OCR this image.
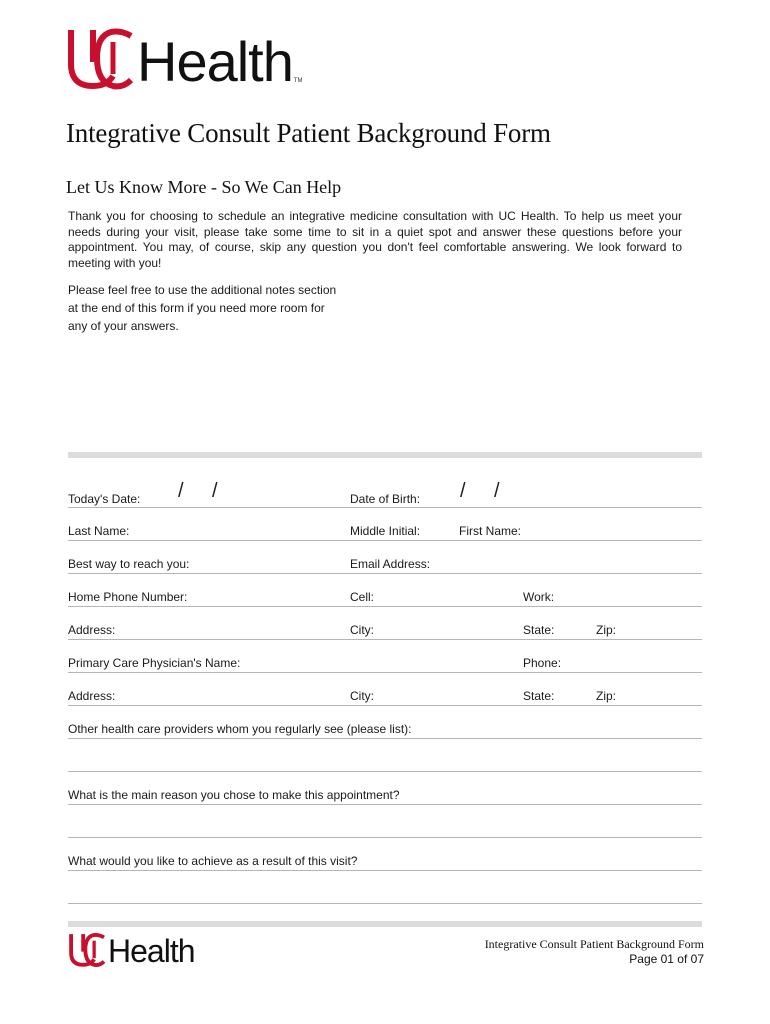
Health TM
Integrative Consult Patient Background Form
Let Us Know More - So We Can Help
Thank you for choosing to schedule an integrative medicine consultation with UC Health. To help us meet your needs during your visit, please take some time to sit in a quiet spot and answer these questions before your appointment. You may, of course, skip any question you don't feel comfortable answering. We look forward to meeting with you!
Please feel free to use the additional notes section
at the end of this form if you need more room for
any of your answers.
Today's Date: / /	Date of Birth: / /
Last Name:	Middle Initial:	First Name:
Best way to reach you:	Email Address:
Home Phone Number:	Cell:	Work:
Address:	City:	State:	Zip:
Primary Care Physician's Name:	Phone:
Address:	City:	State:	Zip:
Other health care providers whom you regularly see (please list):
What is the main reason you chose to make this appointment?
What would you like to achieve as a result of this visit?
Health	Integrative Consult Patient Background Form
Page 01 of 07
